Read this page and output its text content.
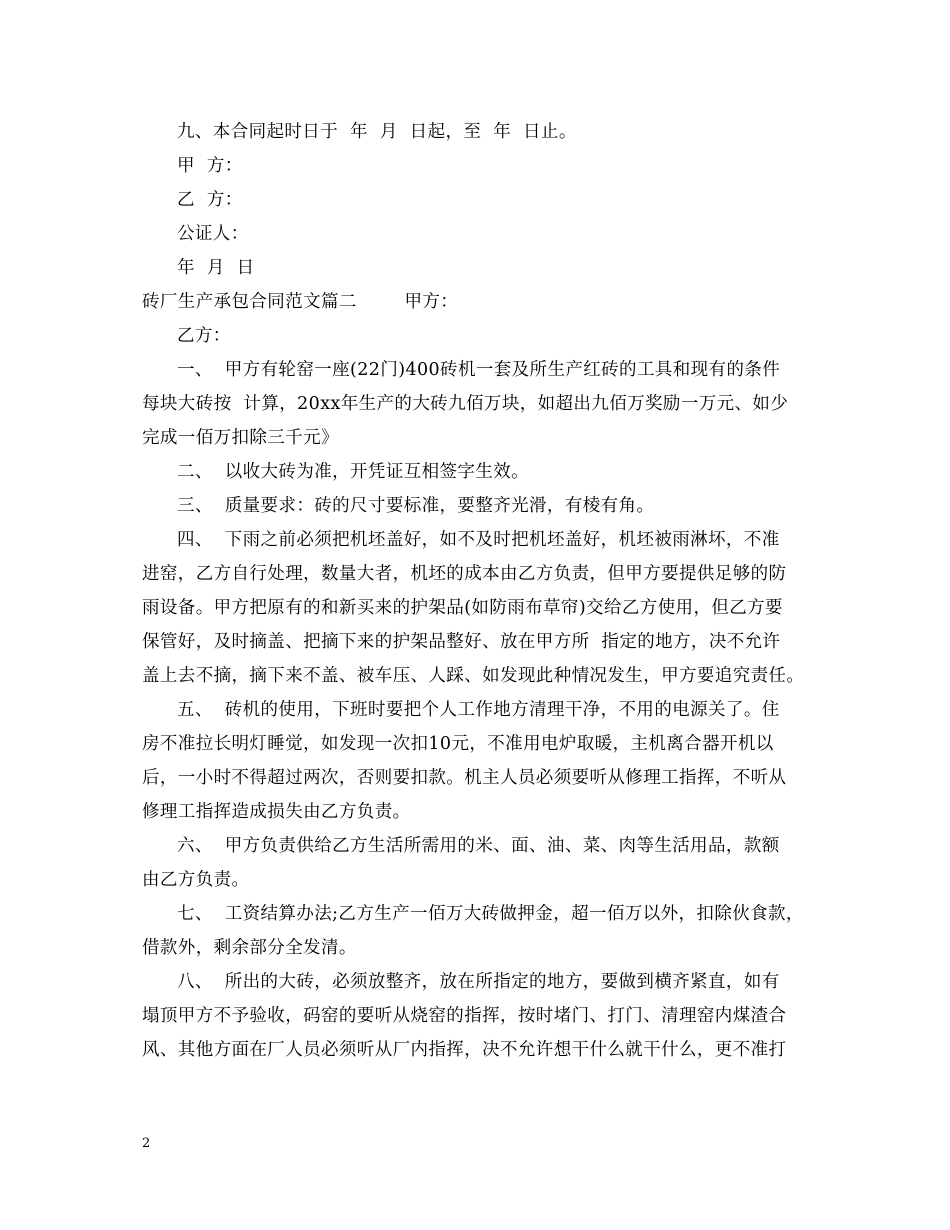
九、本合同起时日于  年  月  日起，至  年  日止。
甲  方：
乙  方：
公证人：
年  月  日
砖厂生产承包合同范文篇二        甲方：
乙方：
一、  甲方有轮窑一座(22门)400砖机一套及所生产红砖的工具和现有的条件
每块大砖按  计算，20xx年生产的大砖九佰万块，如超出九佰万奖励一万元、如少
完成一佰万扣除三千元》
二、  以收大砖为准，开凭证互相签字生效。
三、  质量要求：砖的尺寸要标准，要整齐光滑，有棱有角。
四、  下雨之前必须把机坯盖好，如不及时把机坯盖好，机坯被雨淋坏，不准
进窑，乙方自行处理，数量大者，机坯的成本由乙方负责，但甲方要提供足够的防
雨设备。甲方把原有的和新买来的护架品(如防雨布草帘)交给乙方使用，但乙方要
保管好，及时摘盖、把摘下来的护架品整好、放在甲方所  指定的地方，决不允许
盖上去不摘，摘下来不盖、被车压、人踩、如发现此种情况发生，甲方要追究责任。
五、  砖机的使用，下班时要把个人工作地方清理干净，不用的电源关了。住
房不准拉长明灯睡觉，如发现一次扣10元，不准用电炉取暖，主机离合器开机以
后，一小时不得超过两次，否则要扣款。机主人员必须要听从修理工指挥，不听从
修理工指挥造成损失由乙方负责。
六、  甲方负责供给乙方生活所需用的米、面、油、菜、肉等生活用品，款额
由乙方负责。
七、  工资结算办法;乙方生产一佰万大砖做押金，超一佰万以外，扣除伙食款，
借款外，剩余部分全发清。
八、  所出的大砖，必须放整齐，放在所指定的地方，要做到横齐紧直，如有
塌顶甲方不予验收，码窑的要听从烧窑的指挥，按时堵门、打门、清理窑内煤渣合
风、其他方面在厂人员必须听从厂内指挥，决不允许想干什么就干什么，更不准打
2
